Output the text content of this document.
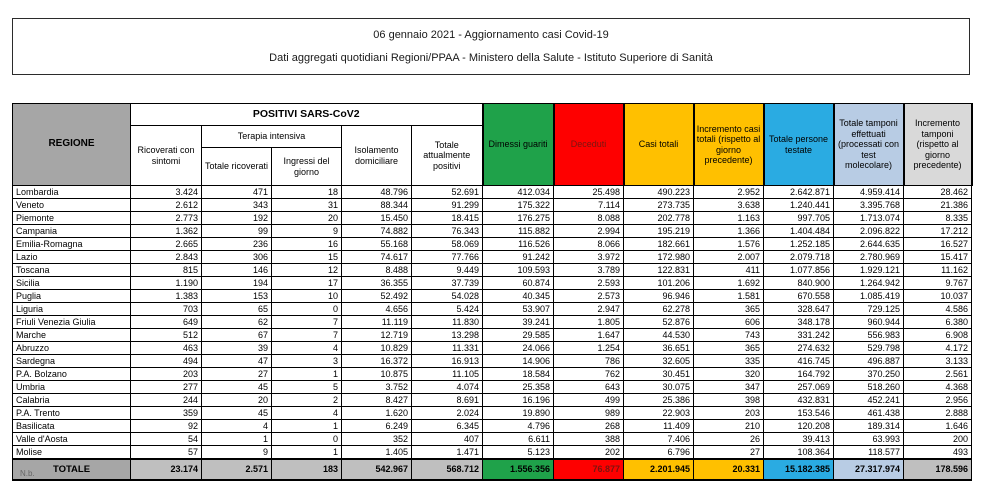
06 gennaio 2021 - Aggiornamento casi Covid-19
Dati aggregati quotidiani Regioni/PPAA - Ministero della Salute - Istituto Superiore di Sanità
REGIONE	POSITIVI SARS-CoV2					Dimessi guariti	Deceduti	Casi totali	Incremento casi totali (rispetto al giorno precedente)	Totale persone testate	Totale tamponi effettuati (processati con test molecolare)	Incremento tamponi (rispetto al giorno precedente)
	Ricoverati con sintomi	Terapia intensiva		Isolamento domiciliare	Totale attualmente positivi							
		Totale ricoverati	Ingressi del giorno									
Lombardia	3.424	471	18	48.796	52.691	412.034	25.498	490.223	2.952	2.642.871	4.959.414	28.462
Veneto	2.612	343	31	88.344	91.299	175.322	7.114	273.735	3.638	1.240.441	3.395.768	21.386
Piemonte	2.773	192	20	15.450	18.415	176.275	8.088	202.778	1.163	997.705	1.713.074	8.335
Campania	1.362	99	9	74.882	76.343	115.882	2.994	195.219	1.366	1.404.484	2.096.822	17.212
Emilia-Romagna	2.665	236	16	55.168	58.069	116.526	8.066	182.661	1.576	1.252.185	2.644.635	16.527
Lazio	2.843	306	15	74.617	77.766	91.242	3.972	172.980	2.007	2.079.718	2.780.969	15.417
Toscana	815	146	12	8.488	9.449	109.593	3.789	122.831	411	1.077.856	1.929.121	11.162
Sicilia	1.190	194	17	36.355	37.739	60.874	2.593	101.206	1.692	840.900	1.264.942	9.767
Puglia	1.383	153	10	52.492	54.028	40.345	2.573	96.946	1.581	670.558	1.085.419	10.037
Liguria	703	65	0	4.656	5.424	53.907	2.947	62.278	365	328.647	729.125	4.586
Friuli Venezia Giulia	649	62	7	11.119	11.830	39.241	1.805	52.876	606	348.178	960.944	6.380
Marche	512	67	7	12.719	13.298	29.585	1.647	44.530	743	331.242	556.983	6.908
Abruzzo	463	39	4	10.829	11.331	24.066	1.254	36.651	365	274.632	529.798	4.172
Sardegna	494	47	3	16.372	16.913	14.906	786	32.605	335	416.745	496.887	3.133
P.A. Bolzano	203	27	1	10.875	11.105	18.584	762	30.451	320	164.792	370.250	2.561
Umbria	277	45	5	3.752	4.074	25.358	643	30.075	347	257.069	518.260	4.368
Calabria	244	20	2	8.427	8.691	16.196	499	25.386	398	432.831	452.241	2.956
P.A. Trento	359	45	4	1.620	2.024	19.890	989	22.903	203	153.546	461.438	2.888
Basilicata	92	4	1	6.249	6.345	4.796	268	11.409	210	120.208	189.314	1.646
Valle d'Aosta	54	1	0	352	407	6.611	388	7.406	26	39.413	63.993	200
Molise	57	9	1	1.405	1.471	5.123	202	6.796	27	108.364	118.577	493
TOTALE	23.174	2.571	183	542.967	568.712	1.556.356	76.877	2.201.945	20.331	15.182.385	27.317.974	178.596
N.b.
